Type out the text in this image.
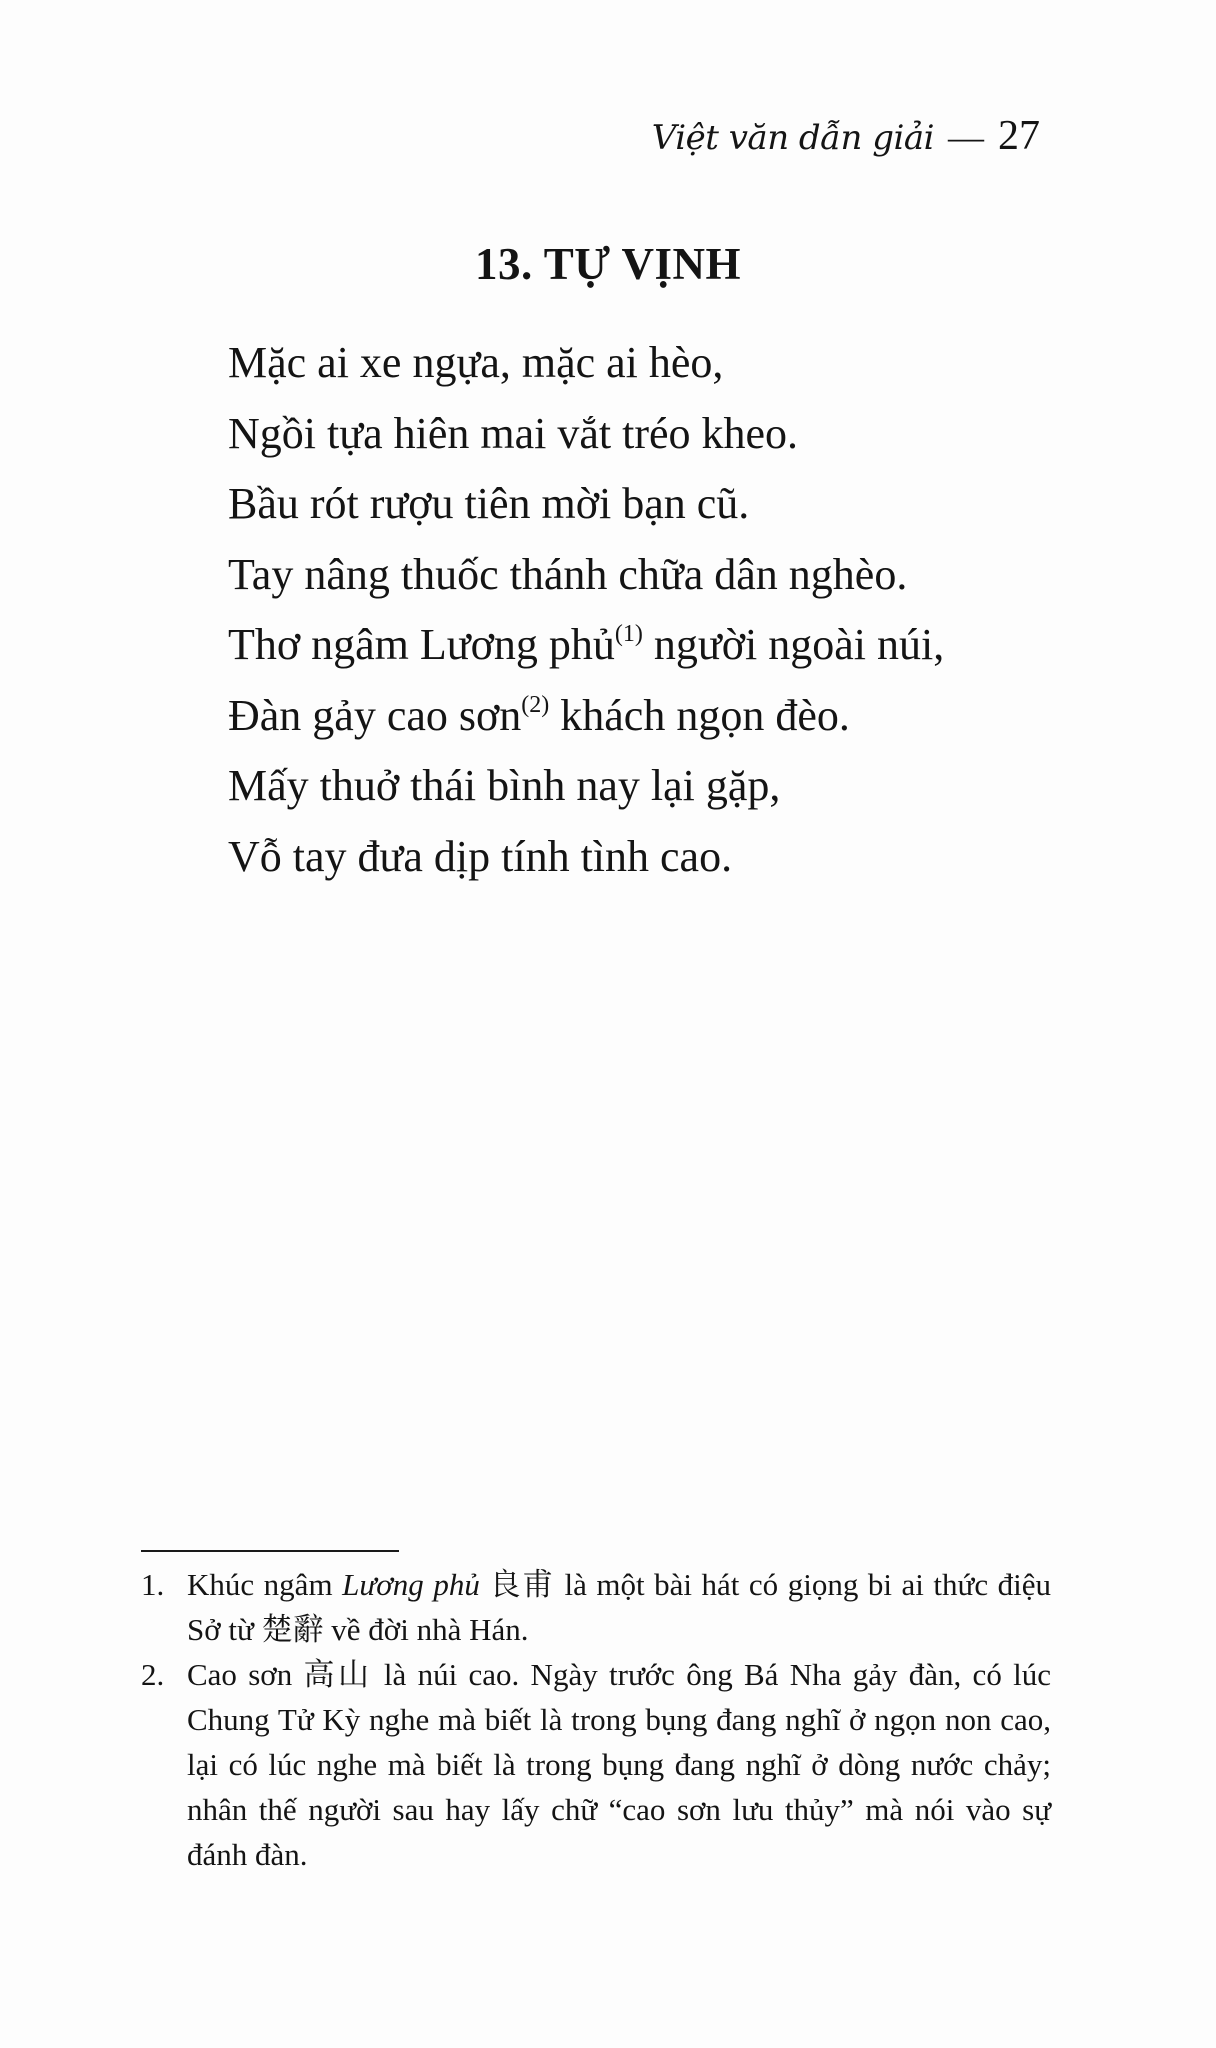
Việt văn dẫn giải — 27
13. TỰ VỊNH
Mặc ai xe ngựa, mặc ai hèo,
Ngồi tựa hiên mai vắt tréo kheo.
Bầu rót rượu tiên mời bạn cũ.
Tay nâng thuốc thánh chữa dân nghèo.
Thơ ngâm Lương phủ$^{(1)}$ người ngoài núi,
Đàn gảy cao sơn$^{(2)}$ khách ngọn đèo.
Mấy thuở thái bình nay lại gặp,
Vỗ tay đưa dịp tính tình cao.
1. Khúc ngâm Lương phủ 良甫 là một bài hát có giọng bi ai thức điệu Sở từ 楚辭 về đời nhà Hán.
2. Cao sơn 高山 là núi cao. Ngày trước ông Bá Nha gảy đàn, có lúc Chung Tử Kỳ nghe mà biết là trong bụng đang nghĩ ở ngọn non cao, lại có lúc nghe mà biết là trong bụng đang nghĩ ở dòng nước chảy; nhân thế người sau hay lấy chữ “cao sơn lưu thủy” mà nói vào sự đánh đàn.
